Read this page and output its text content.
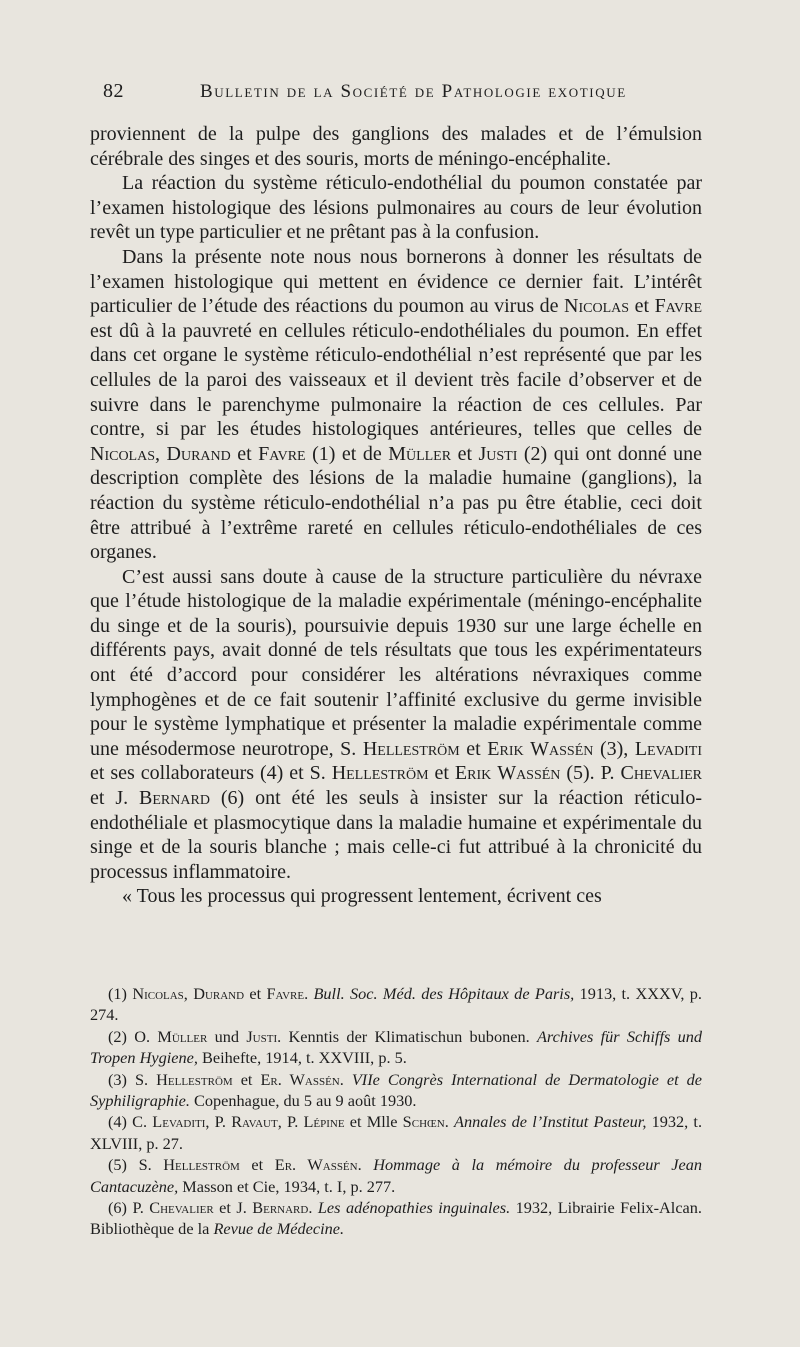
82	Bulletin de la Société de Pathologie exotique

proviennent de la pulpe des ganglions des malades et de l’émulsion cérébrale des singes et des souris, morts de méningo-encéphalite.

La réaction du système réticulo-endothélial du poumon constatée par l’examen histologique des lésions pulmonaires au cours de leur évolution revêt un type particulier et ne prêtant pas à la confusion.

Dans la présente note nous nous bornerons à donner les résultats de l’examen histologique qui mettent en évidence ce dernier fait. L’intérêt particulier de l’étude des réactions du poumon au virus de Nicolas et Favre est dû à la pauvreté en cellules réticulo-endothéliales du poumon. En effet dans cet organe le système réticulo-endothélial n’est représenté que par les cellules de la paroi des vaisseaux et il devient très facile d’observer et de suivre dans le parenchyme pulmonaire la réaction de ces cellules. Par contre, si par les études histologiques antérieures, telles que celles de Nicolas, Durand et Favre (1) et de Müller et Justi (2) qui ont donné une description complète des lésions de la maladie humaine (ganglions), la réaction du système réticulo-endothélial n’a pas pu être établie, ceci doit être attribué à l’extrême rareté en cellules réticulo-endothéliales de ces organes.

C’est aussi sans doute à cause de la structure particulière du névraxe que l’étude histologique de la maladie expérimentale (méningo-encéphalite du singe et de la souris), poursuivie depuis 1930 sur une large échelle en différents pays, avait donné de tels résultats que tous les expérimentateurs ont été d’accord pour considérer les altérations névraxiques comme lymphogènes et de ce fait soutenir l’affinité exclusive du germe invisible pour le système lymphatique et présenter la maladie expérimentale comme une mésodermose neurotrope, S. Helleström et Erik Wassén (3), Levaditi et ses collaborateurs (4) et S. Helleström et Erik Wassén (5). P. Chevalier et J. Bernard (6) ont été les seuls à insister sur la réaction réticulo-endothéliale et plasmocytique dans la maladie humaine et expérimentale du singe et de la souris blanche ; mais celle-ci fut attribué à la chronicité du processus inflammatoire.

« Tous les processus qui progressent lentement, écrivent ces

(1) Nicolas, Durand et Favre. Bull. Soc. Méd. des Hôpitaux de Paris, 1913, t. XXXV, p. 274.

(2) O. Müller und Justi. Kenntis der Klimatischun bubonen. Archives für Schiffs und Tropen Hygiene, Beihefte, 1914, t. XXVIII, p. 5.

(3) S. Helleström et Er. Wassén. VIIe Congrès International de Dermatologie et de Syphiligraphie. Copenhague, du 5 au 9 août 1930.

(4) C. Levaditi, P. Ravaut, P. Lépine et Mlle Schœn. Annales de l’Institut Pasteur, 1932, t. XLVIII, p. 27.

(5) S. Helleström et Er. Wassén. Hommage à la mémoire du professeur Jean Cantacuzène, Masson et Cie, 1934, t. I, p. 277.

(6) P. Chevalier et J. Bernard. Les adénopathies inguinales. 1932, Librairie Felix-Alcan. Bibliothèque de la Revue de Médecine.
